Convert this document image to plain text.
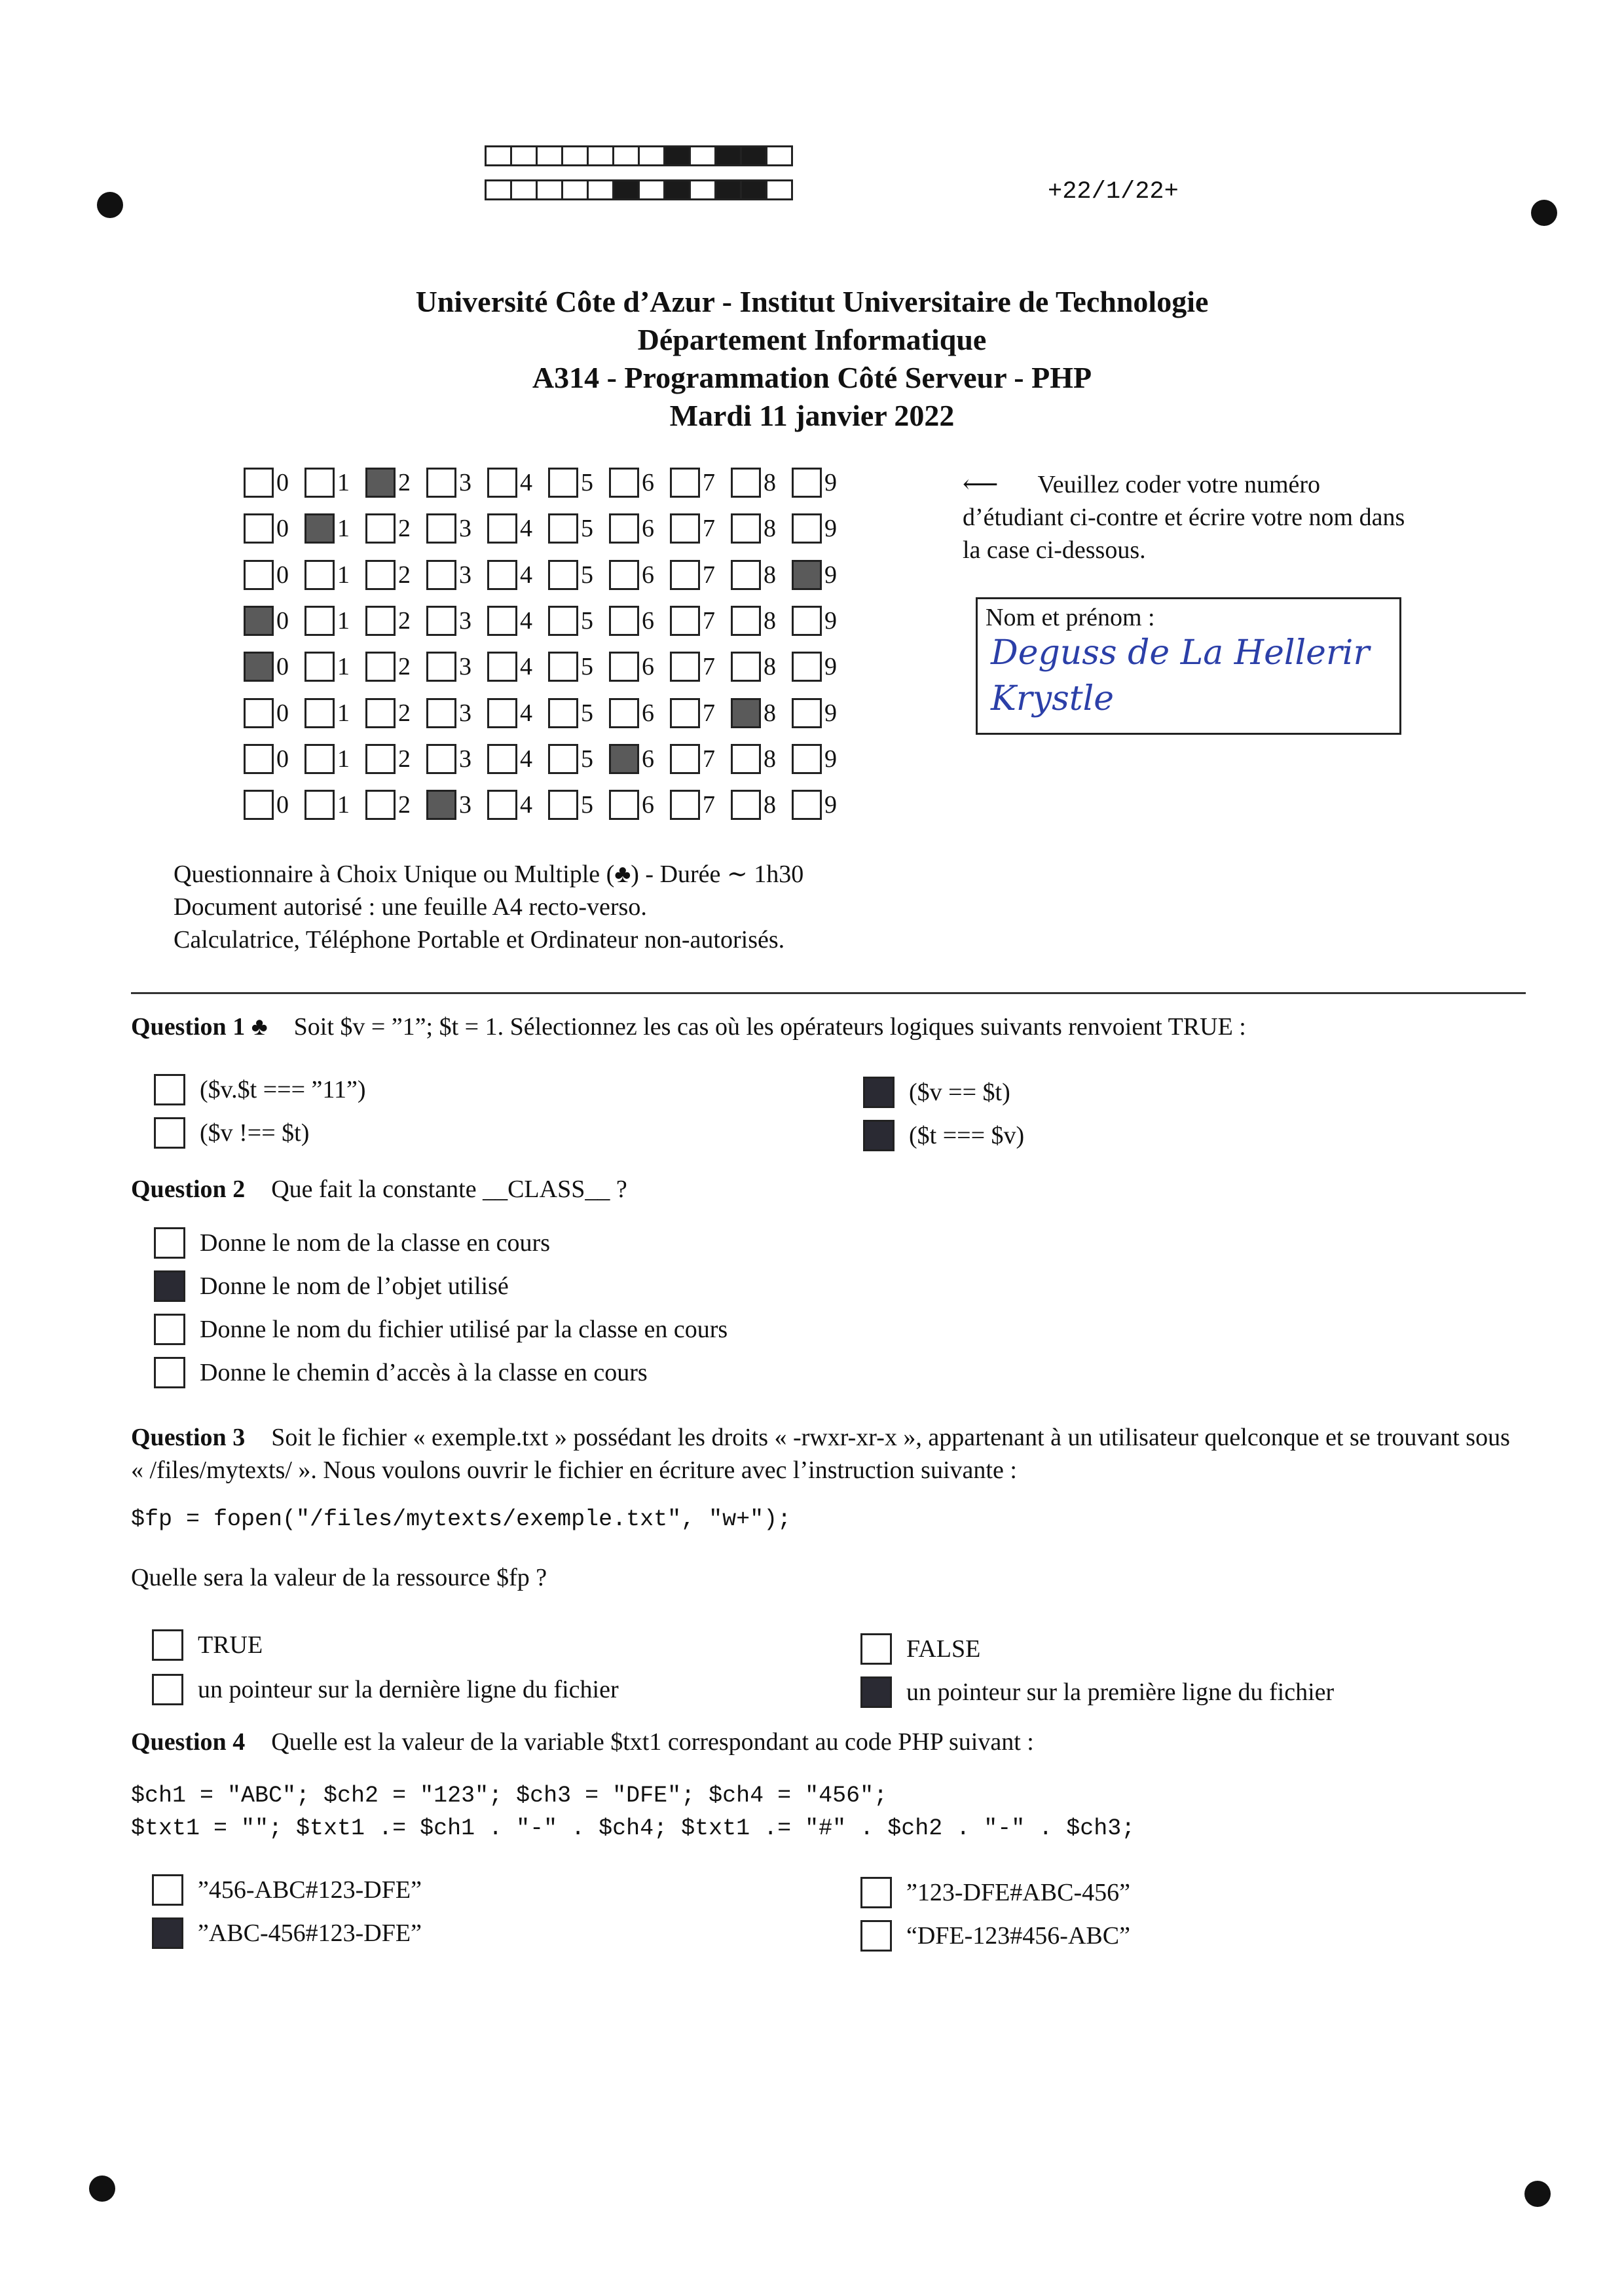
+22/1/22+
Université Côte d’Azur - Institut Universitaire de Technologie
Département Informatique
A314 - Programmation Côté Serveur - PHP
Mardi 11 janvier 2022
0 1 2 3 4 5 6 7 8 9
0 1 2 3 4 5 6 7 8 9
0 1 2 3 4 5 6 7 8 9
0 1 2 3 4 5 6 7 8 9
0 1 2 3 4 5 6 7 8 9
0 1 2 3 4 5 6 7 8 9
0 1 2 3 4 5 6 7 8 9
0 1 2 3 4 5 6 7 8 9
⟵ Veuillez coder votre numéro d’étudiant ci-contre et écrire votre nom dans la case ci-dessous.
Nom et prénom :
Deguss de La Hellerir
Krystle
Questionnaire à Choix Unique ou Multiple (♣) - Durée ∼ 1h30
Document autorisé : une feuille A4 recto-verso.
Calculatrice, Téléphone Portable et Ordinateur non-autorisés.
Question 1 ♣ Soit $v = ”1”; $t = 1. Sélectionnez les cas où les opérateurs logiques suivants renvoient TRUE :
($v.$t === ”11”)
($v !== $t)
($v == $t)
($t === $v)
Question 2 Que fait la constante __CLASS__ ?
Donne le nom de la classe en cours
Donne le nom de l’objet utilisé
Donne le nom du fichier utilisé par la classe en cours
Donne le chemin d’accès à la classe en cours
Question 3 Soit le fichier « exemple.txt » possédant les droits « -rwxr-xr-x », appartenant à un utilisateur quelconque et se trouvant sous « /files/mytexts/ ». Nous voulons ouvrir le fichier en écriture avec l’instruction suivante :
$fp = fopen("/files/mytexts/exemple.txt", "w+");
Quelle sera la valeur de la ressource $fp ?
TRUE
un pointeur sur la dernière ligne du fichier
FALSE
un pointeur sur la première ligne du fichier
Question 4 Quelle est la valeur de la variable $txt1 correspondant au code PHP suivant :
$ch1 = "ABC"; $ch2 = "123"; $ch3 = "DFE"; $ch4 = "456";
$txt1 = ""; $txt1 .= $ch1 . "-" . $ch4; $txt1 .= "#" . $ch2 . "-" . $ch3;
”456-ABC#123-DFE”
”ABC-456#123-DFE”
”123-DFE#ABC-456”
“DFE-123#456-ABC”
